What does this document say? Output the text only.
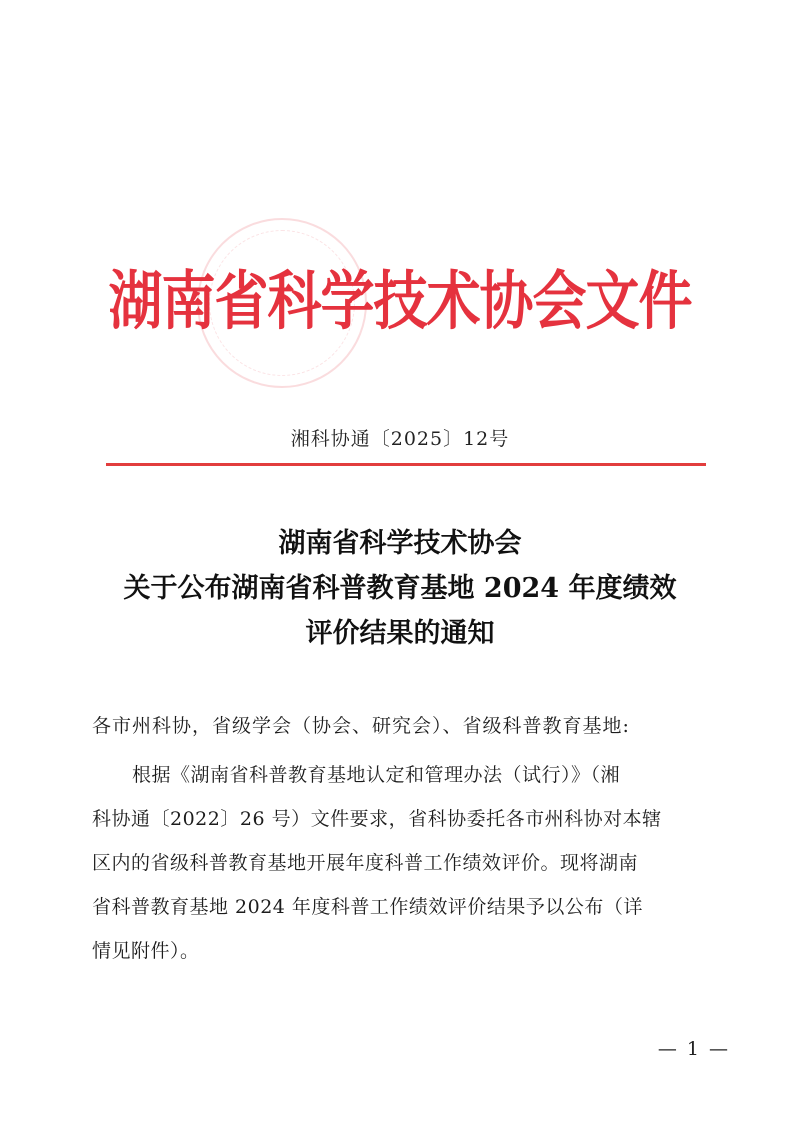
湖南省科学技术协会文件
湘科协通〔2025〕12号
湖南省科学技术协会
关于公布湖南省科普教育基地 2024 年度绩效
评价结果的通知
各市州科协，省级学会（协会、研究会）、省级科普教育基地:
根据《湖南省科普教育基地认定和管理办法（试行）》（湘
科协通〔2022〕26 号）文件要求，省科协委托各市州科协对本辖
区内的省级科普教育基地开展年度科普工作绩效评价。现将湖南
省科普教育基地 2024 年度科普工作绩效评价结果予以公布（详
情见附件）。
— 1 —
